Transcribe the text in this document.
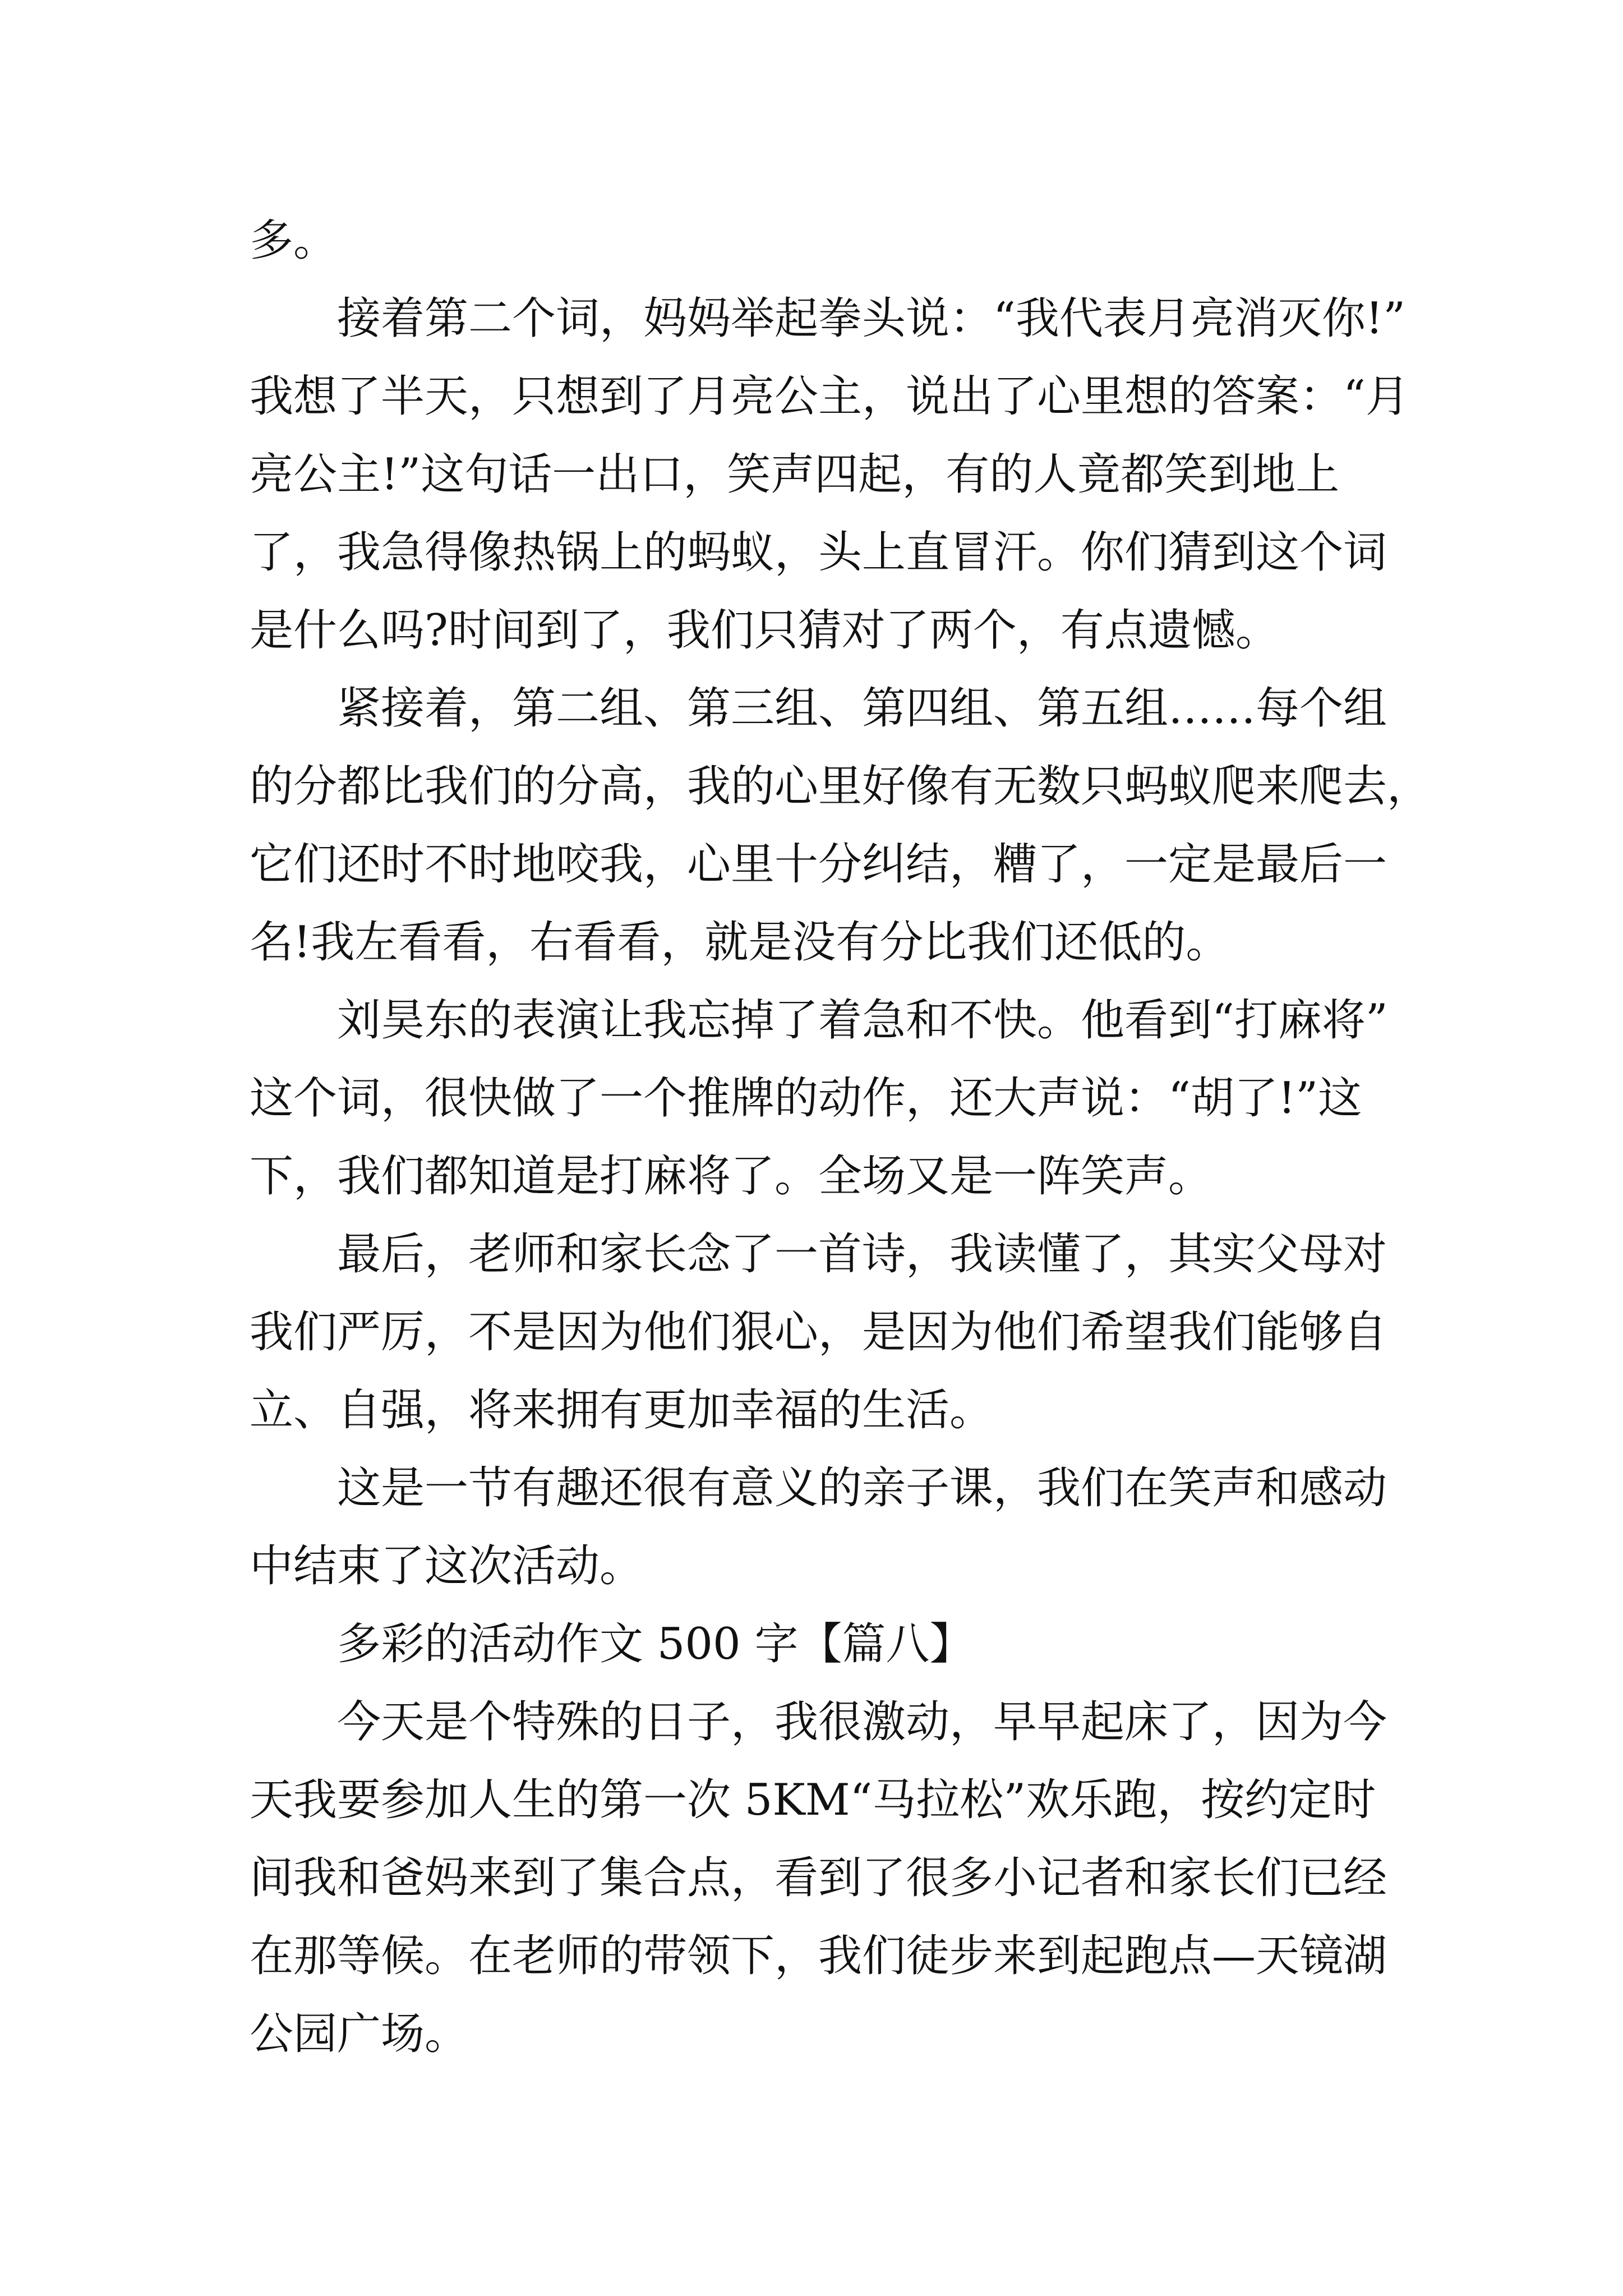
多。
　　接着第二个词，妈妈举起拳头说：“我代表月亮消灭你!”
我想了半天，只想到了月亮公主，说出了心里想的答案：“月
亮公主!”这句话一出口，笑声四起，有的人竟都笑到地上
了，我急得像热锅上的蚂蚁，头上直冒汗。你们猜到这个词
是什么吗?时间到了，我们只猜对了两个，有点遗憾。
　　紧接着，第二组、第三组、第四组、第五组……每个组
的分都比我们的分高，我的心里好像有无数只蚂蚁爬来爬去，
它们还时不时地咬我，心里十分纠结，糟了，一定是最后一
名!我左看看，右看看，就是没有分比我们还低的。
　　刘昊东的表演让我忘掉了着急和不快。他看到“打麻将”
这个词，很快做了一个推牌的动作，还大声说：“胡了!”这
下，我们都知道是打麻将了。全场又是一阵笑声。
　　最后，老师和家长念了一首诗，我读懂了，其实父母对
我们严厉，不是因为他们狠心，是因为他们希望我们能够自
立、自强，将来拥有更加幸福的生活。
　　这是一节有趣还很有意义的亲子课，我们在笑声和感动
中结束了这次活动。
　　多彩的活动作文 500 字【篇八】
　　今天是个特殊的日子，我很激动，早早起床了，因为今
天我要参加人生的第一次 5KM“马拉松”欢乐跑，按约定时
间我和爸妈来到了集合点，看到了很多小记者和家长们已经
在那等候。在老师的带领下，我们徒步来到起跑点—天镜湖
公园广场。
